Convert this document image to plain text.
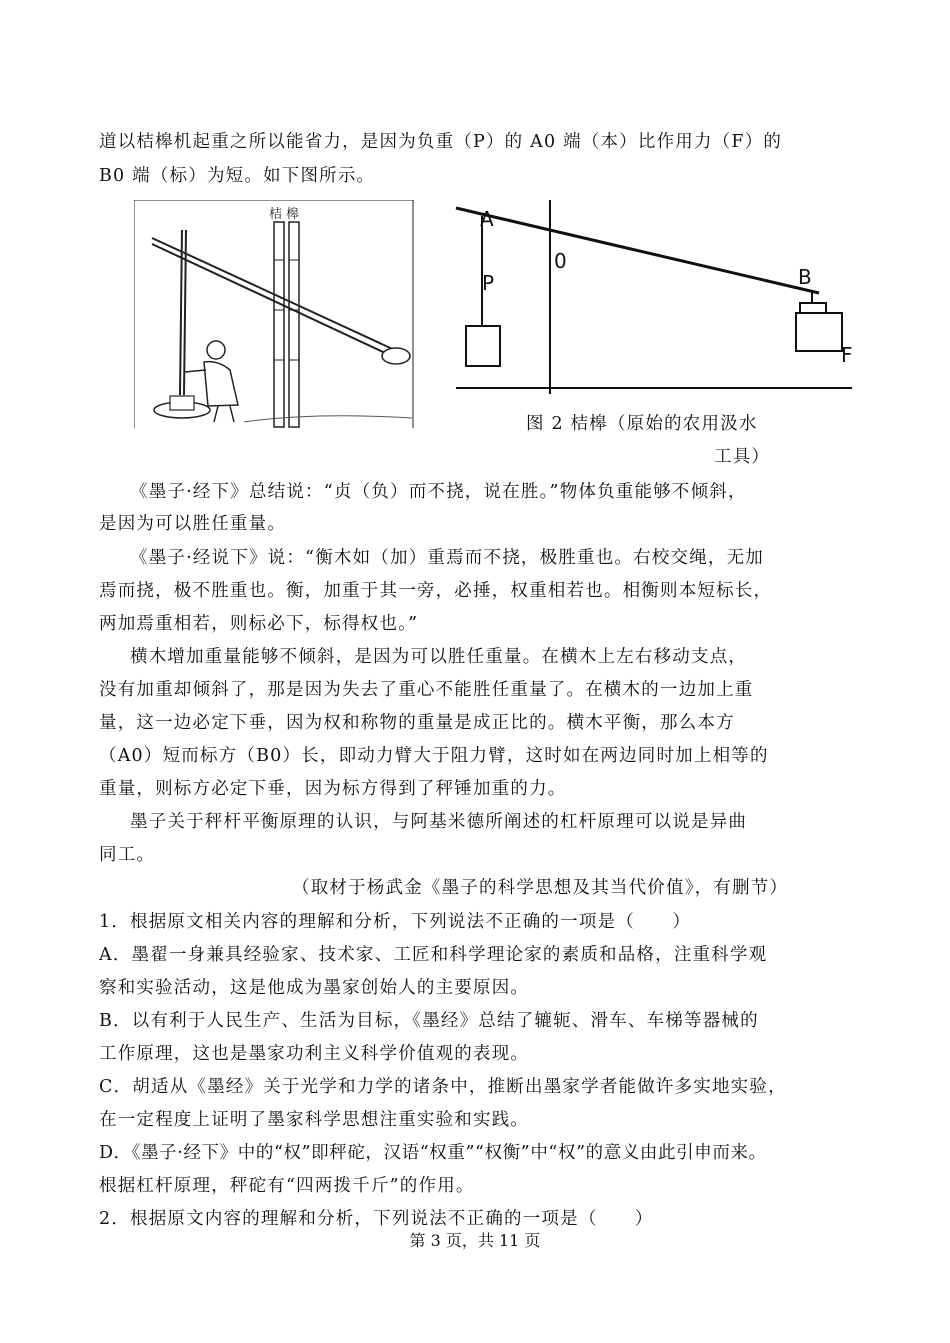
道以桔槔机起重之所以能省力，是因为负重（P）的 A0 端（本）比作用力（F）的
B0 端（标）为短。如下图所示。
桔 槔	A
P
0
B
F
图 2 桔槔（原始的农用汲水
工具）
《墨子·经下》总结说：“贞（负）而不挠，说在胜。”物体负重能够不倾斜，
是因为可以胜任重量。
《墨子·经说下》说：“衡木如（加）重焉而不挠，极胜重也。右校交绳，无加
焉而挠，极不胜重也。衡，加重于其一旁，必捶，权重相若也。相衡则本短标长，
两加焉重相若，则标必下，标得权也。”
横木增加重量能够不倾斜，是因为可以胜任重量。在横木上左右移动支点，
没有加重却倾斜了，那是因为失去了重心不能胜任重量了。在横木的一边加上重
量，这一边必定下垂，因为权和称物的重量是成正比的。横木平衡，那么本方
（A0）短而标方（B0）长，即动力臂大于阻力臂，这时如在两边同时加上相等的
重量，则标方必定下垂，因为标方得到了秤锤加重的力。
墨子关于秤杆平衡原理的认识，与阿基米德所阐述的杠杆原理可以说是异曲
同工。
（取材于杨武金《墨子的科学思想及其当代价值》，有删节）
1．根据原文相关内容的理解和分析，下列说法不正确的一项是（　　）
A．墨翟一身兼具经验家、技术家、工匠和科学理论家的素质和品格，注重科学观
察和实验活动，这是他成为墨家创始人的主要原因。
B．以有利于人民生产、生活为目标，《墨经》总结了辘轭、滑车、车梯等器械的
工作原理，这也是墨家功利主义科学价值观的表现。
C．胡适从《墨经》关于光学和力学的诸条中，推断出墨家学者能做许多实地实验，
在一定程度上证明了墨家科学思想注重实验和实践。
D．《墨子·经下》中的“权”即秤砣，汉语“权重”“权衡”中“权”的意义由此引申而来。
根据杠杆原理，秤砣有“四两拨千斤”的作用。
2．根据原文内容的理解和分析，下列说法不正确的一项是（　　）
第 3 页，共 11 页
